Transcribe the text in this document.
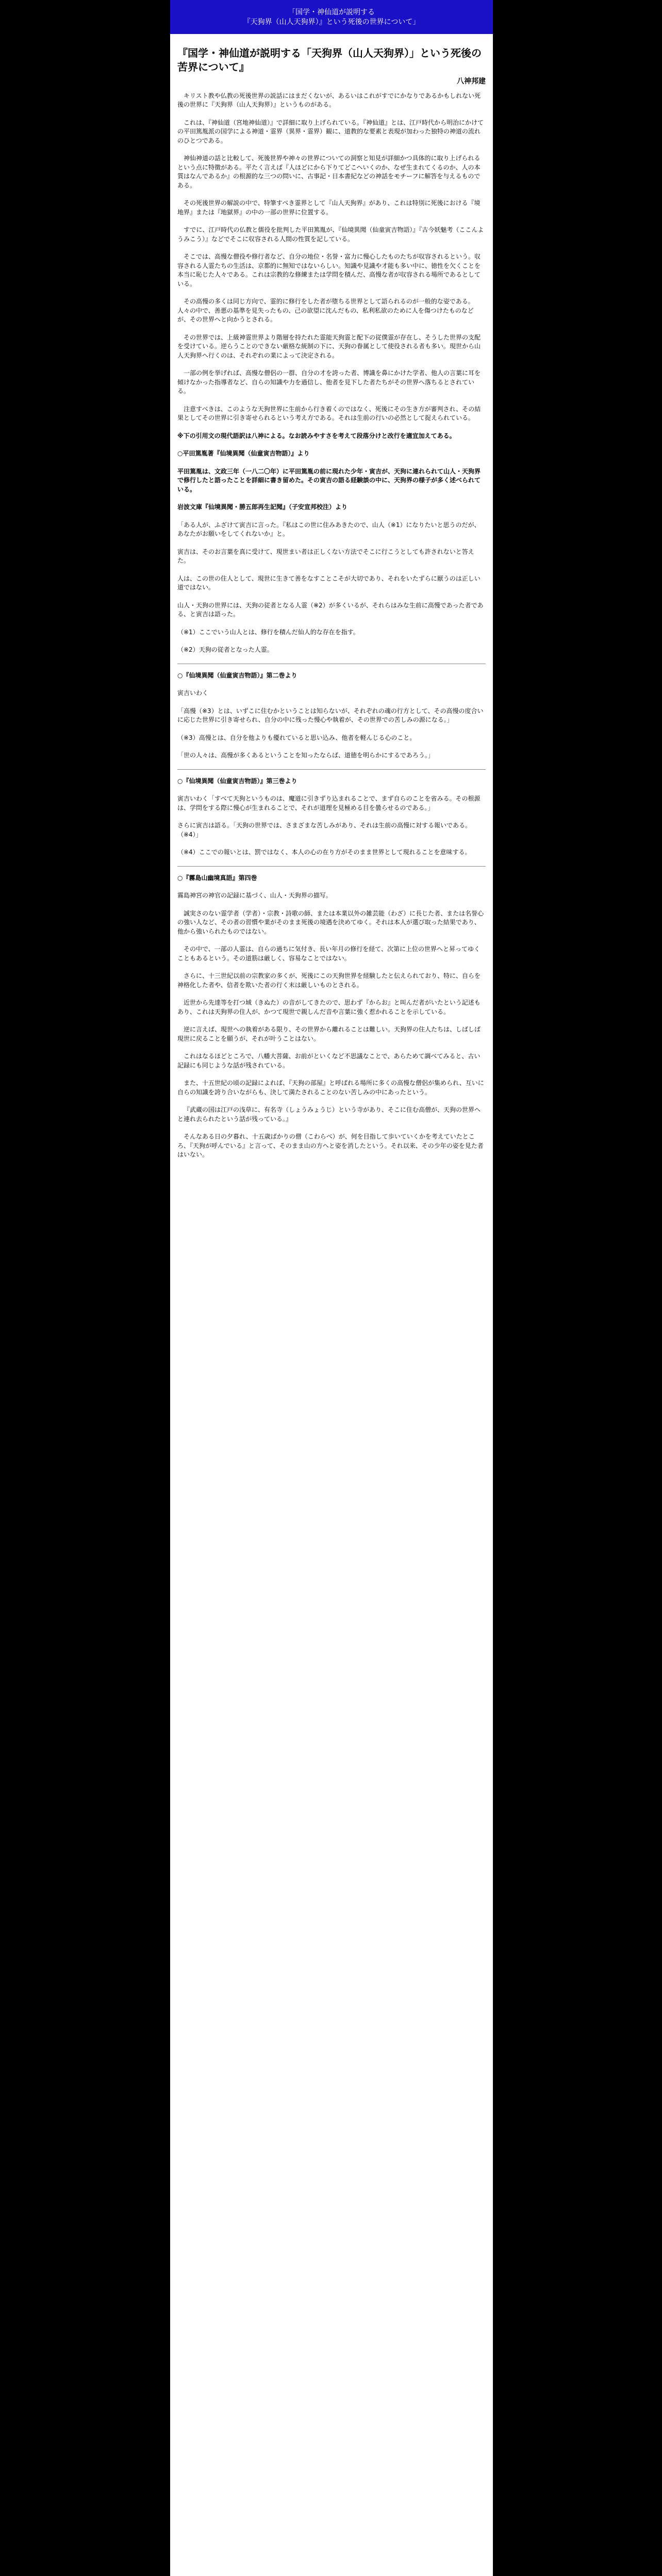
「国学・神仙道が説明する
『天狗界（山人天狗界）』という死後の世界について」
『国学・神仙道が説明する「天狗界（山人天狗界）」という死後の苦界について』
八神邦建

キリスト教や仏教の死後世界の説話にはまだくないが、あるいはこれがすでにかなりであるかもしれない死後の世界に『天狗界（山人天狗界）』というものがある。

これは、『神仙道（宮地神仙道）』で詳細に取り上げられている。『神仙道』とは、江戸時代から明治にかけての平田篤胤派の国学による神道・霊界（異界・霊界）観に、道教的な要素と表現が加わった独特の神道の流れのひとつである。

神仙神道の話と比較して、死後世界や神々の世界についての洞察と知見が詳細かつ具体的に取り上げられるという点に特徴がある。平たく言えば『人ほどにから下りてどこへいくのか、なぜ生まれてくるのか、人の本質はなんであるか』の根源的な三つの問いに、古事記・日本書紀などの神話をモチーフに解答を与えるものである。

その死後世界の解説の中で、特筆すべき霊界として『山人天狗界』があり、これは特別に死後における『境地界』または『地獄界』の中の一部の世界に位置する。

すでに、江戸時代の仏教と儒役を批判した平田篤胤が、『仙境異聞（仙童寅吉物語）』『古今妖魅考（ここんようみこう）』などでそこに収容される人間の性質を記している。

そこでは、高慢な僧役や修行者など、自分の地位・名誉・富力に慢心したものたちが収容されるという。収容される人霊たちの生活は、京都的に無知ではないらしい。知識や見識や才能も多い中に、徳性を欠くことを本当に恥じた人々である。これは宗教的な修練または学問を積んだ、高慢な者が収容される場所であるとしている。

その高慢の多くは同じ方向で、霊的に修行をした者が堕ちる世界として語られるのが一般的な姿である。人々の中で、善悪の基準を見失ったもの、己の欲望に沈んだもの、私利私欲のために人を傷つけたものなどが、その世界へと向かうとされる。

その世界では、上級神霊世界より階層を持たれた霊能天狗霊と配下の従僕霊が存在し、そうした世界の支配を受けている。逆らうことのできない厳格な統制の下に、天狗の眷属として使役される者も多い。現世から山人天狗界へ行くのは、それぞれの業によって決定される。

一部の例を挙げれば、高慢な僧侶の一群、自分の才を誇った者、博識を鼻にかけた学者、他人の言葉に耳を傾けなかった指導者など、自らの知識や力を過信し、他者を見下した者たちがその世界へ落ちるとされている。

注意すべきは、このような天狗世界に生前から行き着くのではなく、死後にその生き方が審判され、その結果としてその世界に引き寄せられるという考え方である。それは生前の行いの必然として捉えられている。

※下の引用文の現代語訳は八神による。なお読みやすさを考えて段落分けと改行を適宜加えてある。

○平田篤胤著『仙境異聞（仙童寅吉物語）』より

平田篤胤は、文政三年（一八二〇年）に平田篤胤の前に現れた少年・寅吉が、天狗に連れられて山人・天狗界で修行したと語ったことを詳細に書き留めた。その寅吉の語る経験談の中に、天狗界の様子が多く述べられている。

岩波文庫『仙境異聞・勝五郎再生記聞』（子安宣邦校注）より

「ある人が、ふざけて寅吉に言った。『私はこの世に住みあきたので、山人（※1）になりたいと思うのだが、あなたがお願いをしてくれないか』と。

寅吉は、そのお言葉を真に受けて、現世まい者は正しくない方法でそこに行こうとしても許されないと答えた。

人は、この世の住人として、現世に生きて善をなすことこそが大切であり、それをいたずらに厭うのは正しい道ではない。

山人・天狗の世界には、天狗の従者となる人霊（※2）が多くいるが、それらはみな生前に高慢であった者である、と寅吉は語った。

（※1）ここでいう山人とは、修行を積んだ仙人的な存在を指す。

（※2）天狗の従者となった人霊。

○『仙境異聞（仙童寅吉物語）』第二巻より

寅吉いわく

「高慢（※3）とは、いずこに住むかということは知らないが、それぞれの魂の行方として、その高慢の度合いに応じた世界に引き寄せられ、自分の中に残った慢心や執着が、その世界での苦しみの源になる。」

（※3）高慢とは、自分を他よりも優れていると思い込み、他者を軽んじる心のこと。

「世の人々は、高慢が多くあるということを知ったならば、道徳を明らかにするであろう。」

○『仙境異聞（仙童寅吉物語）』第三巻より

寅吉いわく「すべて天狗というものは、魔道に引きずり込まれることで、まず自らのことを省みる。その根源は、学問をする際に慢心が生まれることで、それが道理を見極める目を曇らせるのである。」

さらに寅吉は語る。「天狗の世界では、さまざまな苦しみがあり、それは生前の高慢に対する報いである。（※4）」

（※4）ここでの報いとは、罰ではなく、本人の心の在り方がそのまま世界として現れることを意味する。

○『霧島山幽境真語』第四巻

霧島神宮の神官の記録に基づく、山人・天狗界の描写。

誠実さのない霊学者（学者）・宗教・詩歌の師、または本業以外の雑芸能（わざ）に長じた者、または名誉心の強い人など、その者の習慣や業がそのまま死後の境遇を決めてゆく。それは本人が選び取った結果であり、他から強いられたものではない。

その中で、一部の人霊は、自らの過ちに気付き、長い年月の修行を経て、次第に上位の世界へと昇ってゆくこともあるという。その道筋は厳しく、容易なことではない。

さらに、十三世紀以前の宗教家の多くが、死後にこの天狗世界を経験したと伝えられており、特に、自らを神格化した者や、信者を欺いた者の行く末は厳しいものとされる。

近世から先達等を打つ域（きぬた）の音がしてきたので、思わず『からお』と叫んだ者がいたという記述もあり、これは天狗界の住人が、かつて現世で親しんだ音や言葉に強く惹かれることを示している。

逆に言えば、現世への執着がある限り、その世界から離れることは難しい。天狗界の住人たちは、しばしば現世に戻ることを願うが、それが叶うことはない。

これはなるほどところで、八幡大菩薩、お前がといくなど不思議なことで、あらためて調べてみると、古い記録にも同じような話が残されている。

また、十五世紀の頃の記録によれば、『天狗の部屋』と呼ばれる場所に多くの高慢な僧侶が集められ、互いに自らの知識を誇り合いながらも、決して満たされることのない苦しみの中にあったという。

『武蔵の国は江戸の浅草に、有名寺（しょうみょうじ）という寺があり、そこに住む高僧が、天狗の世界へと連れ去られたという話が残っている。』

そんなある日の夕暮れ、十五歳ばかりの僧（こわらべ）が、何を目指して歩いていくかを考えていたところ、『天狗が呼んでいる』と言って、そのまま山の方へと姿を消したという。それ以来、その少年の姿を見た者はいない。
